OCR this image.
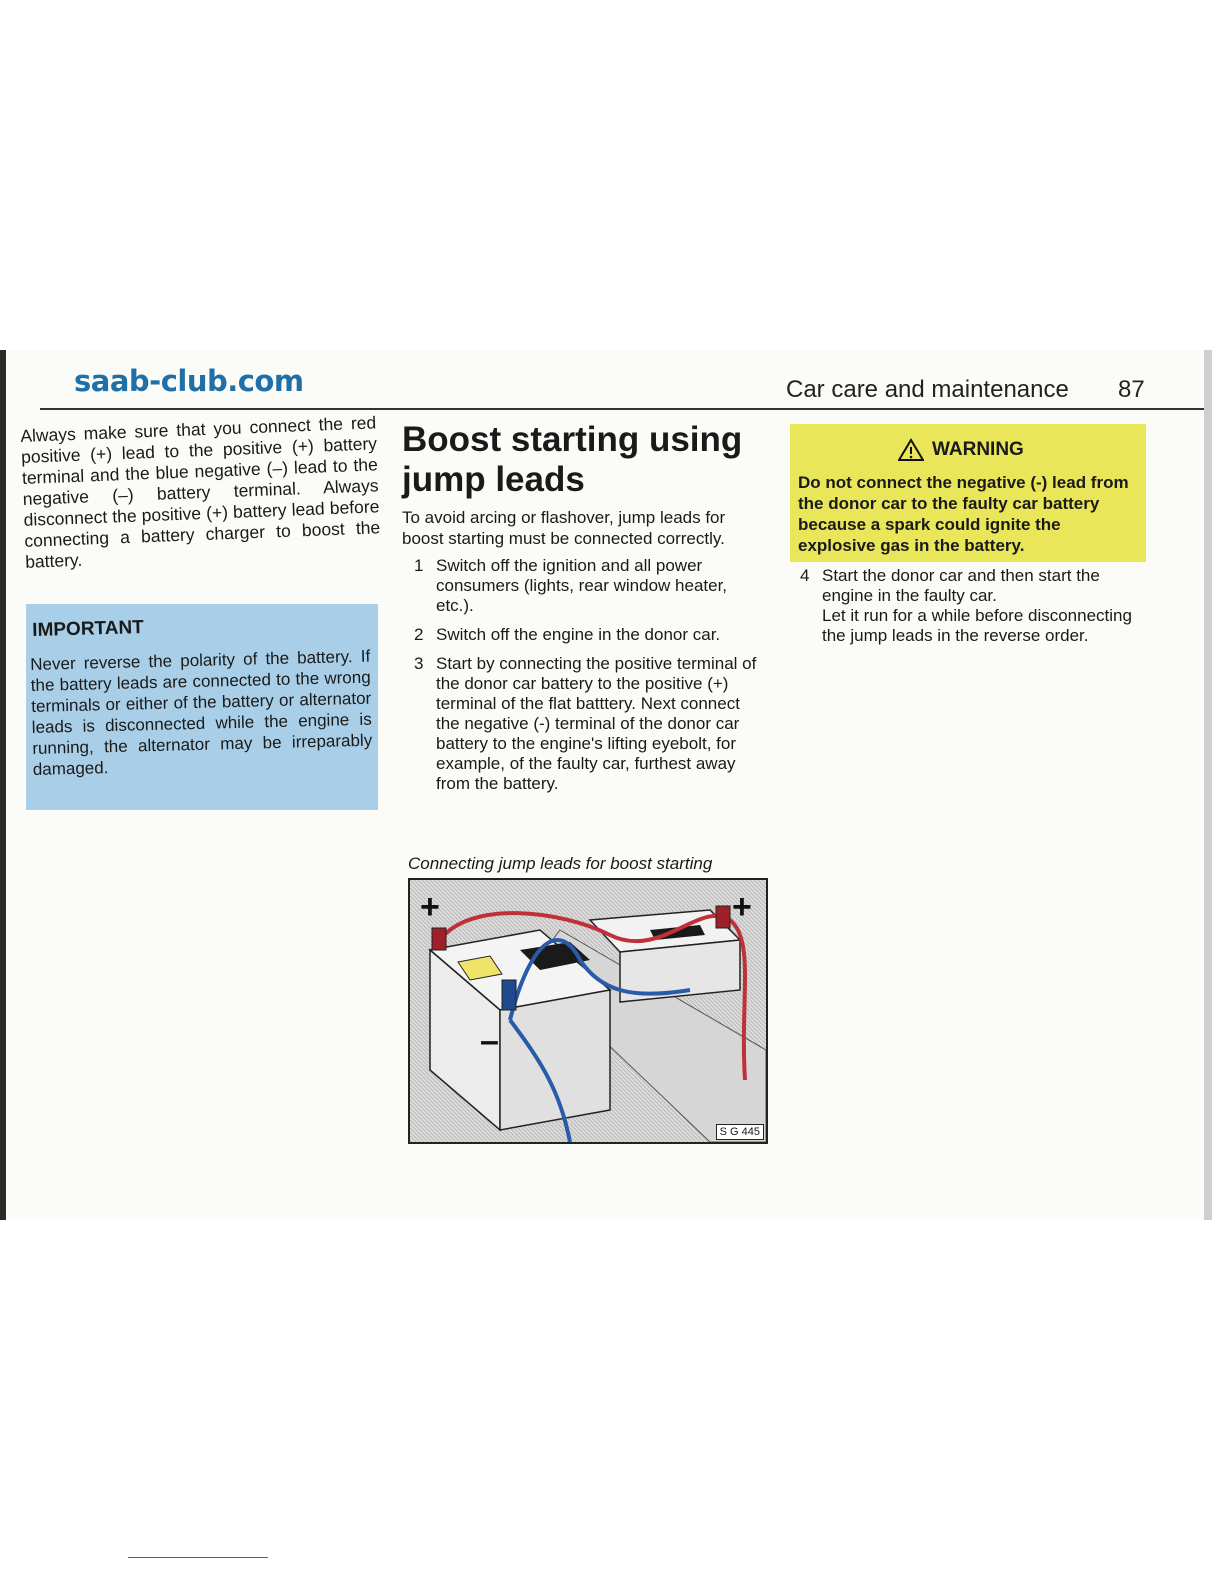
saab-club.com	Car care and maintenance 87
Always make sure that you connect the red positive (+) lead to the positive (+) battery terminal and the blue negative (–) lead to the negative (–) battery terminal. Always disconnect the positive (+) battery lead before connecting a battery charger to boost the battery.
IMPORTANT
Never reverse the polarity of the battery. If the battery leads are connected to the wrong terminals or either of the battery or alternator leads is disconnected while the engine is running, the alternator may be irreparably damaged.
Boost starting using jump leads
To avoid arcing or flashover, jump leads for boost starting must be connected correctly.
1 Switch off the ignition and all power consumers (lights, rear window heater, etc.).
2 Switch off the engine in the donor car.
3 Start by connecting the positive terminal of the donor car battery to the positive (+) terminal of the flat batttery. Next connect the negative (-) terminal of the donor car battery to the engine's lifting eyebolt, for example, of the faulty car, furthest away from the battery.
WARNING
Do not connect the negative (-) lead from the donor car to the faulty car battery because a spark could ignite the explosive gas in the battery.
4 Start the donor car and then start the engine in the faulty car.
Let it run for a while before disconnecting the jump leads in the reverse order.
Connecting jump leads for boost starting
+	+
–
S G 445
